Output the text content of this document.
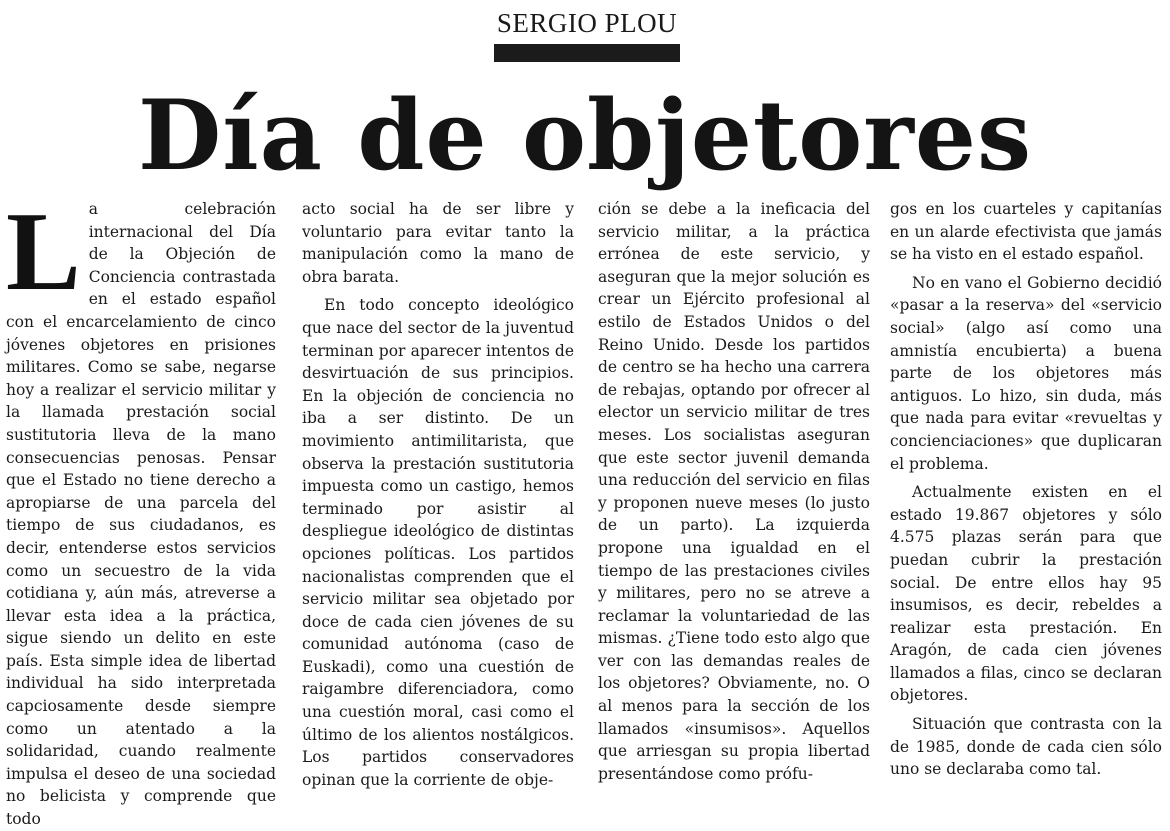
SERGIO PLOU
Día de objetores

La celebración internacional del Día de la Objeción de Conciencia contrastada en el estado español con el encarcelamiento de cinco jóvenes objetores en prisiones militares. Como se sabe, negarse hoy a realizar el servicio militar y la llamada prestación social sustitutoria lleva de la mano consecuencias penosas. Pensar que el Estado no tiene derecho a apropiarse de una parcela del tiempo de sus ciudadanos, es decir, entenderse estos servicios como un secuestro de la vida cotidiana y, aún más, atreverse a llevar esta idea a la práctica, sigue siendo un delito en este país. Esta simple idea de libertad individual ha sido interpretada capciosamente desde siempre como un atentado a la solidaridad, cuando realmente impulsa el deseo de una sociedad no belicista y comprende que todo

acto social ha de ser libre y voluntario para evitar tanto la manipulación como la mano de obra barata.

En todo concepto ideológico que nace del sector de la juventud terminan por aparecer intentos de desvirtuación de sus principios. En la objeción de conciencia no iba a ser distinto. De un movimiento antimilitarista, que observa la prestación sustitutoria impuesta como un castigo, hemos terminado por asistir al despliegue ideológico de distintas opciones políticas. Los partidos nacionalistas comprenden que el servicio militar sea objetado por doce de cada cien jóvenes de su comunidad autónoma (caso de Euskadi), como una cuestión de raigambre diferenciadora, como una cuestión moral, casi como el último de los alientos nostálgicos. Los partidos conservadores opinan que la corriente de obje-

ción se debe a la ineficacia del servicio militar, a la práctica errónea de este servicio, y aseguran que la mejor solución es crear un Ejército profesional al estilo de Estados Unidos o del Reino Unido. Desde los partidos de centro se ha hecho una carrera de rebajas, optando por ofrecer al elector un servicio militar de tres meses. Los socialistas aseguran que este sector juvenil demanda una reducción del servicio en filas y proponen nueve meses (lo justo de un parto). La izquierda propone una igualdad en el tiempo de las prestaciones civiles y militares, pero no se atreve a reclamar la voluntariedad de las mismas. ¿Tiene todo esto algo que ver con las demandas reales de los objetores? Obviamente, no. O al menos para la sección de los llamados «insumisos». Aquellos que arriesgan su propia libertad presentándose como prófu-

gos en los cuarteles y capitanías en un alarde efectivista que jamás se ha visto en el estado español.

No en vano el Gobierno decidió «pasar a la reserva» del «servicio social» (algo así como una amnistía encubierta) a buena parte de los objetores más antiguos. Lo hizo, sin duda, más que nada para evitar «revueltas y concienciaciones» que duplicaran el problema.

Actualmente existen en el estado 19.867 objetores y sólo 4.575 plazas serán para que puedan cubrir la prestación social. De entre ellos hay 95 insumisos, es decir, rebeldes a realizar esta prestación. En Aragón, de cada cien jóvenes llamados a filas, cinco se declaran objetores.

Situación que contrasta con la de 1985, donde de cada cien sólo uno se declaraba como tal.
